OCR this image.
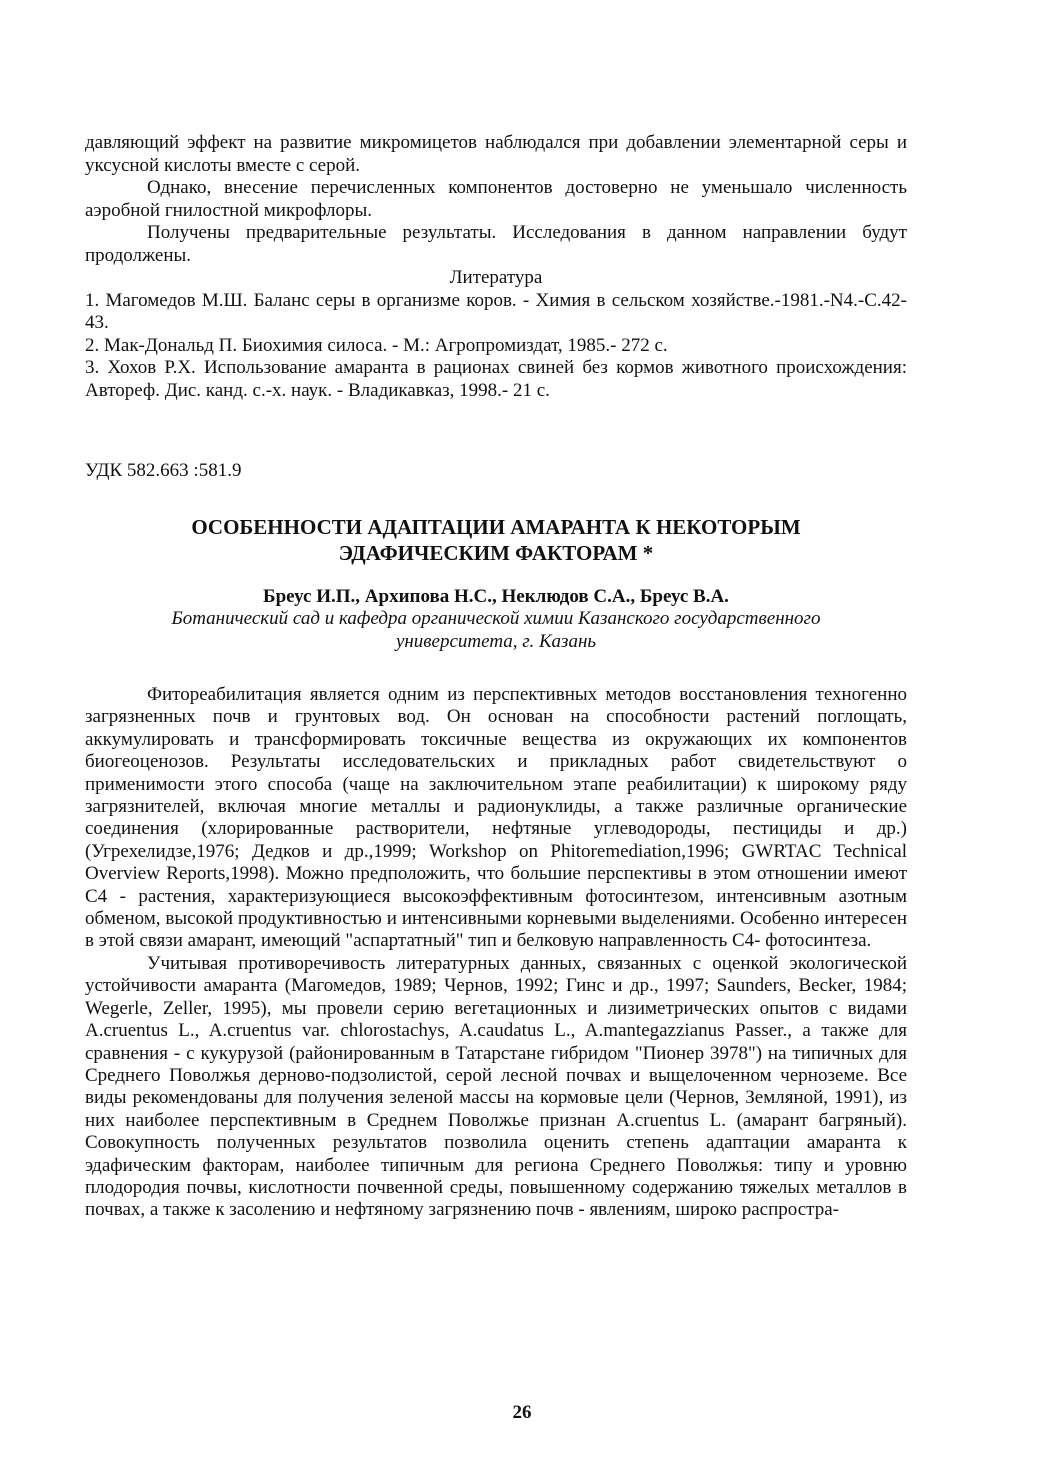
давляющий эффект на развитие микромицетов наблюдался при добавлении элементарной серы и уксусной кислоты вместе с серой.

Однако, внесение перечисленных компонентов достоверно не уменьшало численность аэробной гнилостной микрофлоры.

Получены предварительные результаты. Исследования в данном направлении будут продолжены.

Литература

1. Магомедов М.Ш. Баланс серы в организме коров. - Химия в сельском хозяйстве.-1981.-N4.-С.42-43.

2. Мак-Дональд П. Биохимия силоса. - М.: Агропромиздат, 1985.- 272 с.

3. Хохов Р.Х. Использование амаранта в рационах свиней без кормов животного происхождения: Автореф. Дис. канд. с.-х. наук. - Владикавказ, 1998.- 21 с.

УДК 582.663 :581.9
ОСОБЕННОСТИ АДАПТАЦИИ АМАРАНТА К НЕКОТОРЫМ
ЭДАФИЧЕСКИМ ФАКТОРАМ *
Бреус И.П., Архипова Н.С., Неклюдов С.А., Бреус В.А.
Ботанический сад и кафедра органической химии Казанского государственного
университета, г. Казань

Фиторeабилитация является одним из перспективных методов восстановления техногенно загрязненных почв и грунтовых вод. Он основан на способности растений поглощать, аккумулировать и трансформировать токсичные вещества из окружающих их компонентов биогеоценозов. Результаты исследовательских и прикладных работ свидетельствуют о применимости этого способа (чаще на заключительном этапе реабилитации) к широкому ряду загрязнителей, включая многие металлы и радионуклиды, а также различные органические соединения (хлорированные растворители, нефтяные углеводороды, пестициды и др.) (Угрехелидзе,1976; Дедков и др.,1999; Workshop on Phitoremediation,1996; GWRTAC Technical Overview Reports,1998). Можно предположить, что большие перспективы в этом отношении имеют С4 - растения, характеризующиеся высокоэффективным фотосинтезом, интенсивным азотным обменом, высокой продуктивностью и интенсивными корневыми выделениями. Особенно интересен в этой связи амарант, имеющий "аспартатный" тип и белковую направленность С4- фотосинтеза.

Учитывая противоречивость литературных данных, связанных с оценкой экологической устойчивости амаранта (Магомедов, 1989; Чернов, 1992; Гинс и др., 1997; Saunders, Becker, 1984; Wegerle, Zeller, 1995), мы провели серию вегетационных и лизиметрических опытов с видами A.cruentus L., A.cruentus var. chlorostachys, A.caudatus L., A.mantegazzianus Passer., а также для сравнения - с кукурузой (районированным в Татарстане гибридом "Пионер 3978") на типичных для Среднего Поволжья дерново-подзолистой, серой лесной почвах и выщелоченном черноземе. Все виды рекомендованы для получения зеленой массы на кормовые цели (Чернов, Земляной, 1991), из них наиболее перспективным в Среднем Поволжье признан A.cruentus L. (амарант багряный). Совокупность полученных результатов позволила оценить степень адаптации амаранта к эдафическим факторам, наиболее типичным для региона Среднего Поволжья: типу и уровню плодородия почвы, кислотности почвенной среды, повышенному содержанию тяжелых металлов в почвах, а также к засолению и нефтяному загрязнению почв - явлениям, широко распростра-

26
